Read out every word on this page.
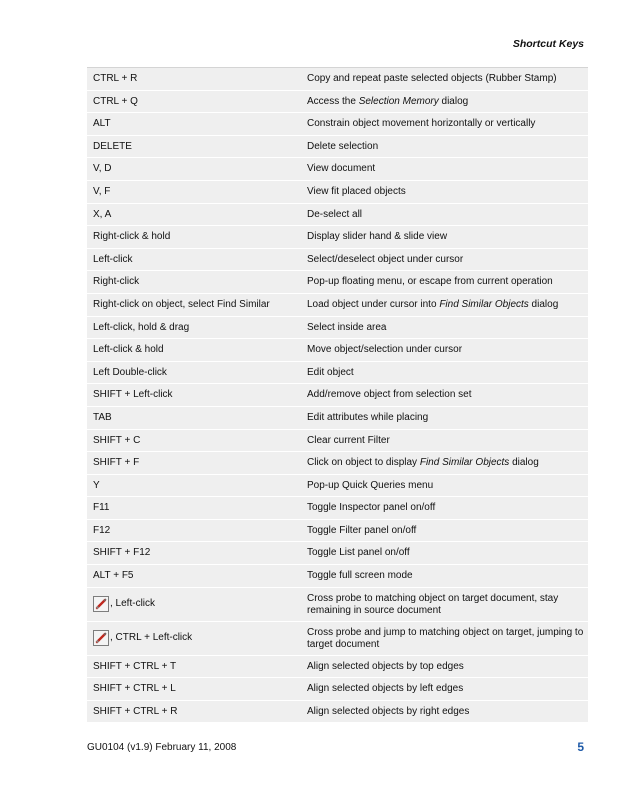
Shortcut Keys

CTRL + R	Copy and repeat paste selected objects (Rubber Stamp)
CTRL + Q	Access the Selection Memory dialog
ALT	Constrain object movement horizontally or vertically
DELETE	Delete selection
V, D	View document
V, F	View fit placed objects
X, A	De-select all
Right-click & hold	Display slider hand & slide view
Left-click	Select/deselect object under cursor
Right-click	Pop-up floating menu, or escape from current operation
Right-click on object, select Find Similar	Load object under cursor into Find Similar Objects dialog
Left-click, hold & drag	Select inside area
Left-click & hold	Move object/selection under cursor
Left Double-click	Edit object
SHIFT + Left-click	Add/remove object from selection set
TAB	Edit attributes while placing
SHIFT + C	Clear current Filter
SHIFT + F	Click on object to display Find Similar Objects dialog
Y	Pop-up Quick Queries menu
F11	Toggle Inspector panel on/off
F12	Toggle Filter panel on/off
SHIFT + F12	Toggle List panel on/off
ALT + F5	Toggle full screen mode
, Left-click	Cross probe to matching object on target document, stay remaining in source document
, CTRL + Left-click	Cross probe and jump to matching object on target, jumping to target document
SHIFT + CTRL + T	Align selected objects by top edges
SHIFT + CTRL + L	Align selected objects by left edges
SHIFT + CTRL + R	Align selected objects by right edges

GU0104 (v1.9) February 11, 2008	5
